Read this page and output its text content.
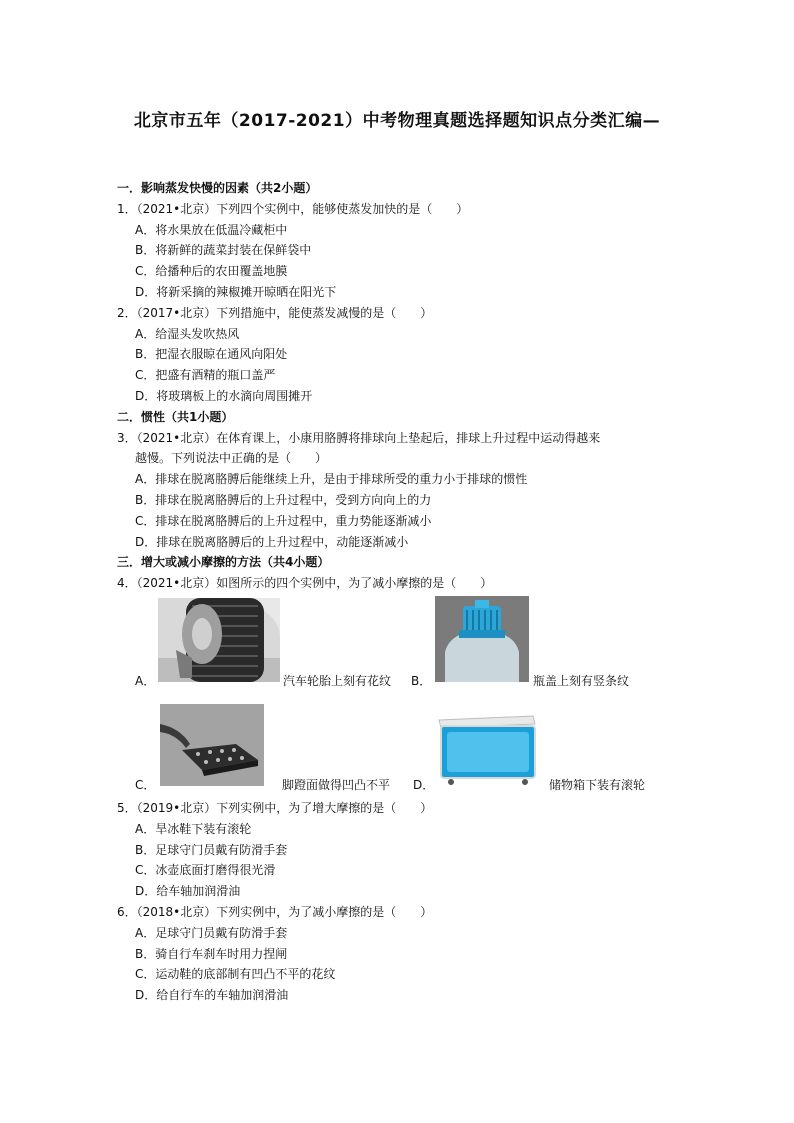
北京市五年（2017-2021）中考物理真题选择题知识点分类汇编—
一．影响蒸发快慢的因素（共2小题）
1．（2021•北京）下列四个实例中，能够使蒸发加快的是（　　）
A．将水果放在低温冷藏柜中
B．将新鲜的蔬菜封装在保鲜袋中
C．给播种后的农田覆盖地膜
D．将新采摘的辣椒摊开晾晒在阳光下
2．（2017•北京）下列措施中，能使蒸发减慢的是（　　）
A．给湿头发吹热风
B．把湿衣服晾在通风向阳处
C．把盛有酒精的瓶口盖严
D．将玻璃板上的水滴向周围摊开
二．惯性（共1小题）
3．（2021•北京）在体育课上，小康用胳膊将排球向上垫起后，排球上升过程中运动得越来
越慢。下列说法中正确的是（　　）
A．排球在脱离胳膊后能继续上升，是由于排球所受的重力小于排球的惯性
B．排球在脱离胳膊后的上升过程中，受到方向向上的力
C．排球在脱离胳膊后的上升过程中，重力势能逐渐减小
D．排球在脱离胳膊后的上升过程中，动能逐渐减小
三．增大或减小摩擦的方法（共4小题）
4．（2021•北京）如图所示的四个实例中，为了减小摩擦的是（　　）
A．	汽车轮胎上刻有花纹 B．	瓶盖上刻有竖条纹
C．	脚蹬面做得凹凸不平 D．	储物箱下装有滚轮
5．（2019•北京）下列实例中，为了增大摩擦的是（　　）
A．旱冰鞋下装有滚轮
B．足球守门员戴有防滑手套
C．冰壶底面打磨得很光滑
D．给车轴加润滑油
6．（2018•北京）下列实例中，为了减小摩擦的是（　　）
A．足球守门员戴有防滑手套
B．骑自行车刹车时用力捏闸
C．运动鞋的底部制有凹凸不平的花纹
D．给自行车的车轴加润滑油
